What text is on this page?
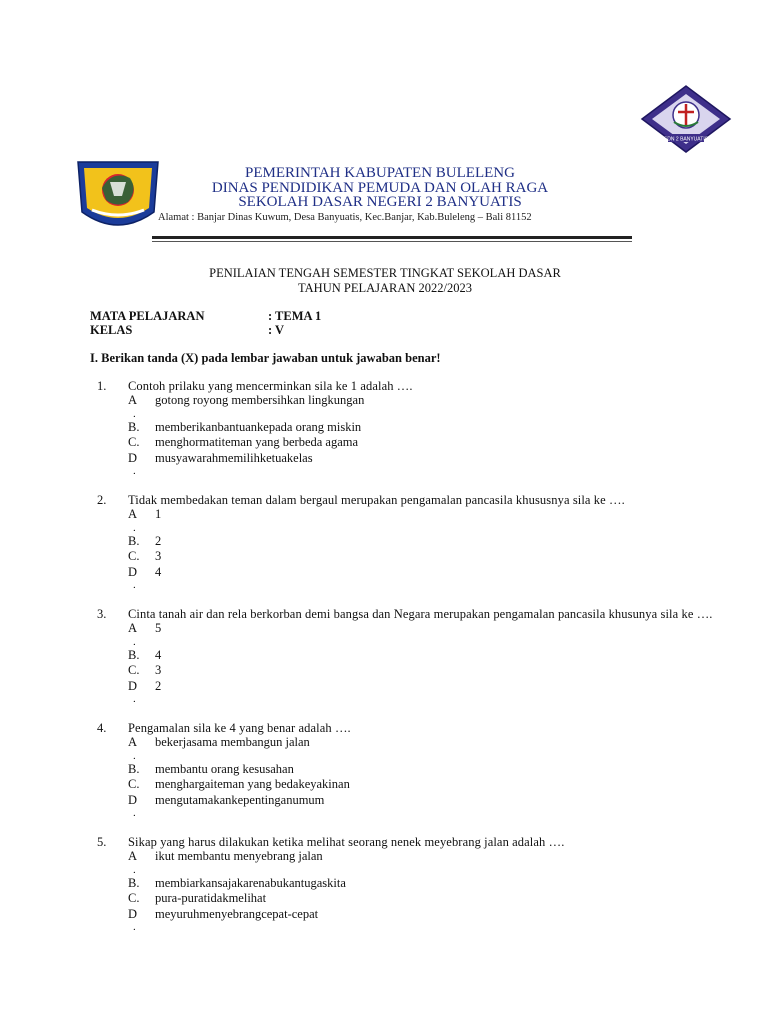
SDN 2 BANYUATIS
PEMERINTAH KABUPATEN BULELENG
DINAS PENDIDIKAN PEMUDA DAN OLAH RAGA
SEKOLAH DASAR NEGERI 2 BANYUATIS
Alamat : Banjar Dinas Kuwum, Desa Banyuatis, Kec.Banjar, Kab.Buleleng – Bali 81152
PENILAIAN TENGAH SEMESTER TINGKAT SEKOLAH DASAR
TAHUN PELAJARAN 2022/2023
MATA PELAJARAN	: TEMA 1
KELAS	: V
I. Berikan tanda (X) pada lembar jawaban untuk jawaban benar!
1.	Contoh prilaku yang mencerminkan sila ke 1 adalah ….
A gotong royong membersihkan lingkungan
.
B. memberikanbantuankepada orang miskin
C. menghormatiteman yang berbeda agama
D musyawarahmemilihketuakelas
.
2.	Tidak membedakan teman dalam bergaul merupakan pengamalan pancasila khususnya sila ke ….
A 1
.
B. 2
C. 3
D 4
.
3.	Cinta tanah air dan rela berkorban demi bangsa dan Negara merupakan pengamalan pancasila khusunya sila ke ….
A 5
.
B. 4
C. 3
D 2
.
4.	Pengamalan sila ke 4 yang benar adalah ….
A bekerjasama membangun jalan
.
B. membantu orang kesusahan
C. menghargaiteman yang bedakeyakinan
D mengutamakankepentinganumum
.
5.	Sikap yang harus dilakukan ketika melihat seorang nenek meyebrang jalan adalah ….
A ikut membantu menyebrang jalan
.
B. membiarkansajakarenabukantugaskita
C. pura-puratidakmelihat
D meyuruhmenyebrangcepat-cepat
.
